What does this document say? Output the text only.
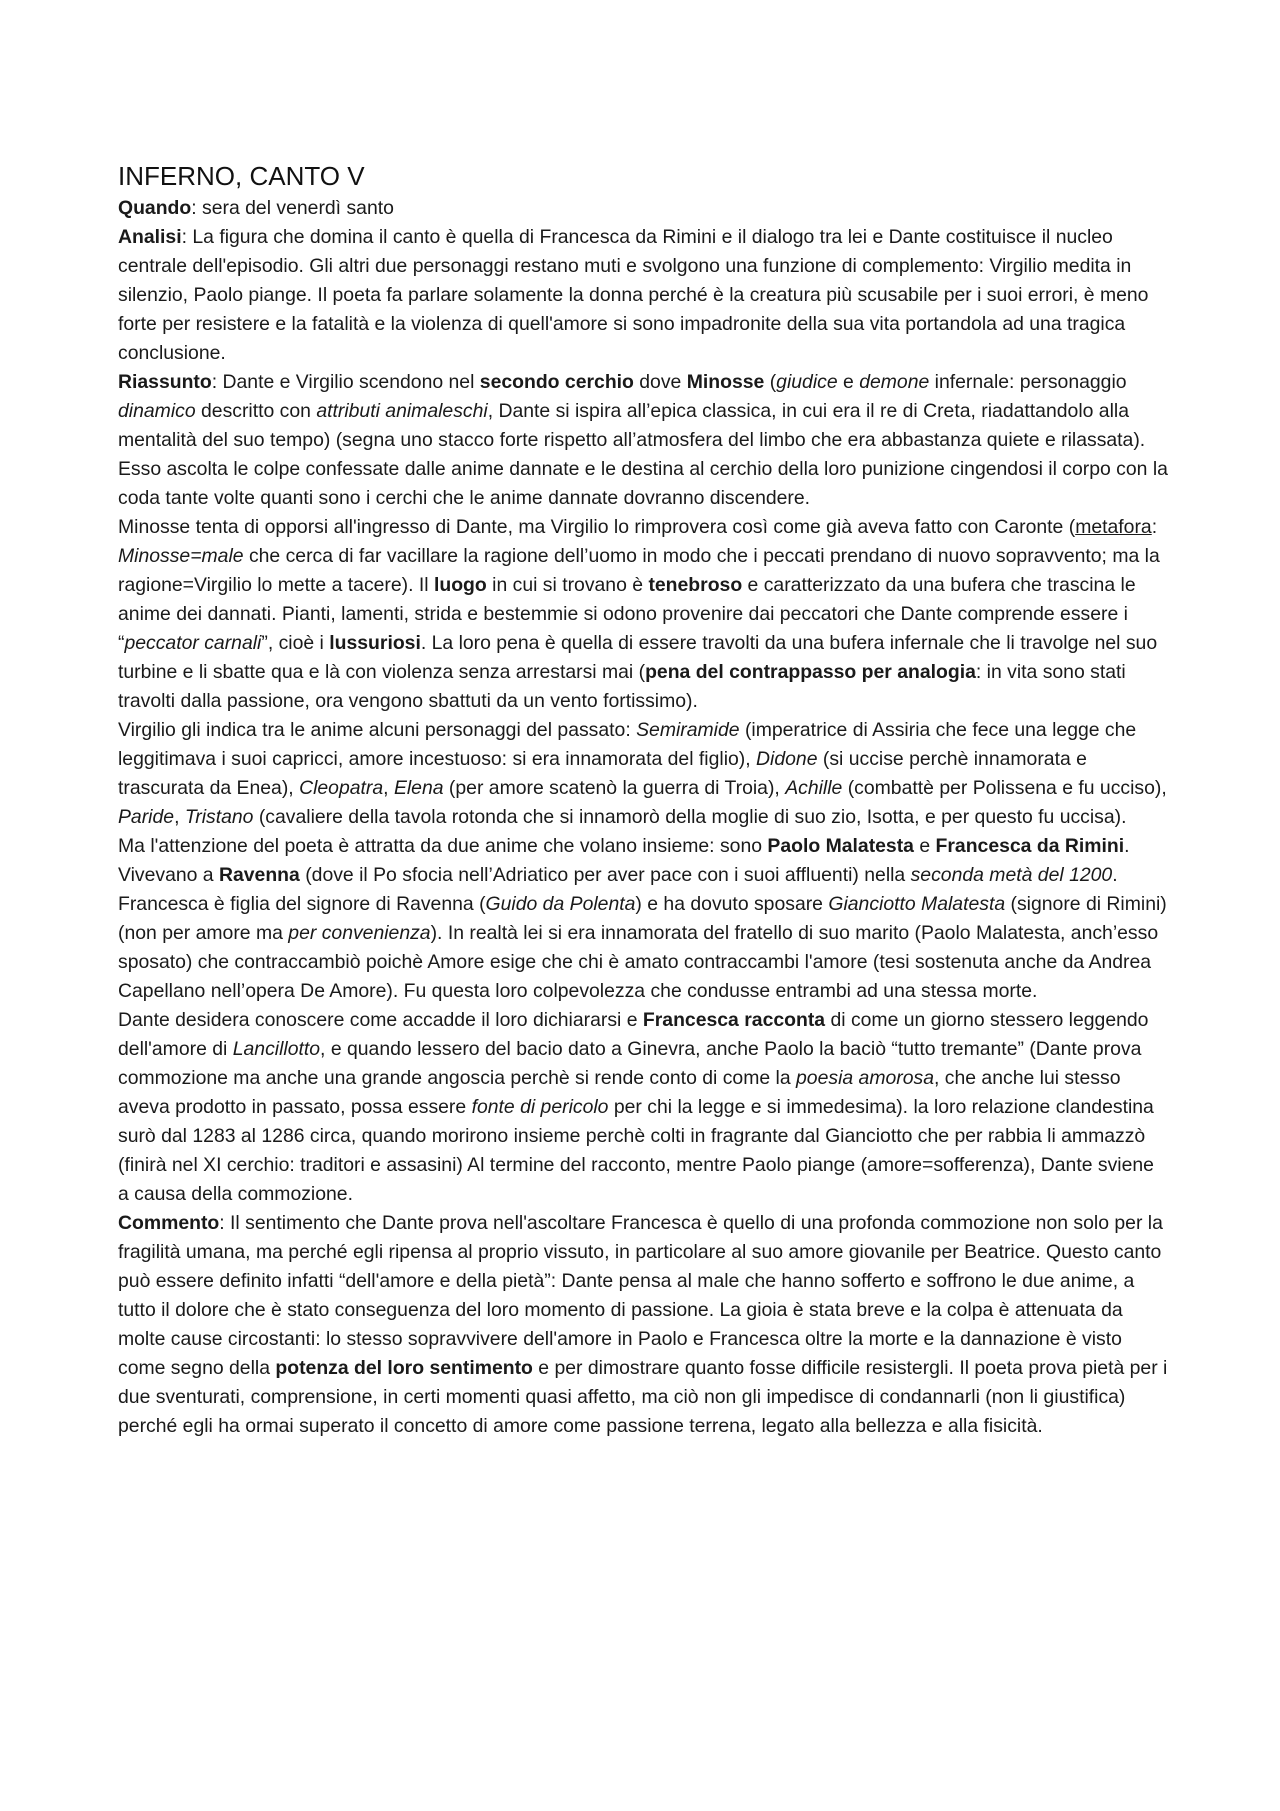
INFERNO, CANTO V

Quando: sera del venerdì santo

Analisi: La figura che domina il canto è quella di Francesca da Rimini e il dialogo tra lei e Dante costituisce il nucleo centrale dell'episodio. Gli altri due personaggi restano muti e svolgono una funzione di complemento: Virgilio medita in silenzio, Paolo piange. Il poeta fa parlare solamente la donna perché è la creatura più scusabile per i suoi errori, è meno forte per resistere e la fatalità e la violenza di quell'amore si sono impadronite della sua vita portandola ad una tragica conclusione.

Riassunto: Dante e Virgilio scendono nel secondo cerchio dove Minosse (giudice e demone infernale: personaggio dinamico descritto con attributi animaleschi, Dante si ispira all’epica classica, in cui era il re di Creta, riadattandolo alla mentalità del suo tempo) (segna uno stacco forte rispetto all’atmosfera del limbo che era abbastanza quiete e rilassata). Esso ascolta le colpe confessate dalle anime dannate e le destina al cerchio della loro punizione cingendosi il corpo con la coda tante volte quanti sono i cerchi che le anime dannate dovranno discendere.

Minosse tenta di opporsi all'ingresso di Dante, ma Virgilio lo rimprovera così come già aveva fatto con Caronte (metafora: Minosse=male che cerca di far vacillare la ragione dell’uomo in modo che i peccati prendano di nuovo sopravvento; ma la ragione=Virgilio lo mette a tacere). Il luogo in cui si trovano è tenebroso e caratterizzato da una bufera che trascina le anime dei dannati. Pianti, lamenti, strida e bestemmie si odono provenire dai peccatori che Dante comprende essere i “peccator carnali”, cioè i lussuriosi. La loro pena è quella di essere travolti da una bufera infernale che li travolge nel suo turbine e li sbatte qua e là con violenza senza arrestarsi mai (pena del contrappasso per analogia: in vita sono stati travolti dalla passione, ora vengono sbattuti da un vento fortissimo).

Virgilio gli indica tra le anime alcuni personaggi del passato: Semiramide (imperatrice di Assiria che fece una legge che leggitimava i suoi capricci, amore incestuoso: si era innamorata del figlio), Didone (si uccise perchè innamorata e trascurata da Enea), Cleopatra, Elena (per amore scatenò la guerra di Troia), Achille (combattè per Polissena e fu ucciso), Paride, Tristano (cavaliere della tavola rotonda che si innamorò della moglie di suo zio, Isotta, e per questo fu uccisa).

Ma l'attenzione del poeta è attratta da due anime che volano insieme: sono Paolo Malatesta e Francesca da Rimini.

Vivevano a Ravenna (dove il Po sfocia nell’Adriatico per aver pace con i suoi affluenti) nella seconda metà del 1200. Francesca è figlia del signore di Ravenna (Guido da Polenta) e ha dovuto sposare Gianciotto Malatesta (signore di Rimini)(non per amore ma per convenienza). In realtà lei si era innamorata del fratello di suo marito (Paolo Malatesta, anch’esso sposato) che contraccambiò poichè Amore esige che chi è amato contraccambi l'amore (tesi sostenuta anche da Andrea Capellano nell’opera De Amore). Fu questa loro colpevolezza che condusse entrambi ad una stessa morte.

Dante desidera conoscere come accadde il loro dichiararsi e Francesca racconta di come un giorno stessero leggendo dell'amore di Lancillotto, e quando lessero del bacio dato a Ginevra, anche Paolo la baciò “tutto tremante” (Dante prova commozione ma anche una grande angoscia perchè si rende conto di come la poesia amorosa, che anche lui stesso aveva prodotto in passato, possa essere fonte di pericolo per chi la legge e si immedesima). la loro relazione clandestina surò dal 1283 al 1286 circa, quando morirono insieme perchè colti in fragrante dal Gianciotto che per rabbia li ammazzò (finirà nel XI cerchio: traditori e assasini) Al termine del racconto, mentre Paolo piange (amore=sofferenza), Dante sviene a causa della commozione.

Commento: Il sentimento che Dante prova nell'ascoltare Francesca è quello di una profonda commozione non solo per la fragilità umana, ma perché egli ripensa al proprio vissuto, in particolare al suo amore giovanile per Beatrice. Questo canto può essere definito infatti “dell'amore e della pietà”: Dante pensa al male che hanno sofferto e soffrono le due anime, a tutto il dolore che è stato conseguenza del loro momento di passione. La gioia è stata breve e la colpa è attenuata da molte cause circostanti: lo stesso sopravvivere dell'amore in Paolo e Francesca oltre la morte e la dannazione è visto come segno della potenza del loro sentimento e per dimostrare quanto fosse difficile resistergli. Il poeta prova pietà per i due sventurati, comprensione, in certi momenti quasi affetto, ma ciò non gli impedisce di condannarli (non li giustifica) perché egli ha ormai superato il concetto di amore come passione terrena, legato alla bellezza e alla fisicità.
